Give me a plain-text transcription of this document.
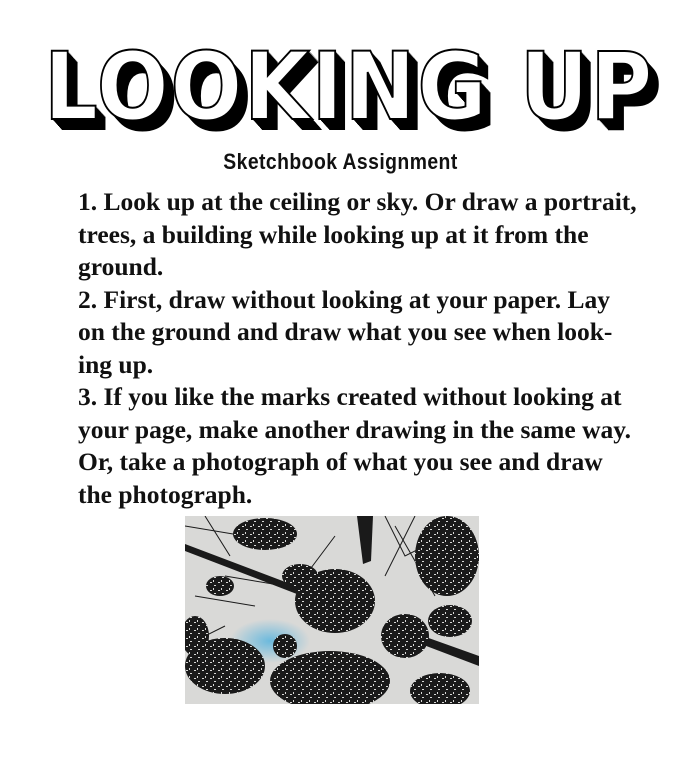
LOOKING UP
Sketchbook Assignment

1. Look up at the ceiling or sky. Or draw a portrait, trees, a building while looking up at it from the ground.

2. First, draw without looking at your paper. Lay on the ground and draw what you see when look-ing up.

3. If you like the marks created without looking at your page, make another drawing in the same way. Or, take a photograph of what you see and draw the photograph.
